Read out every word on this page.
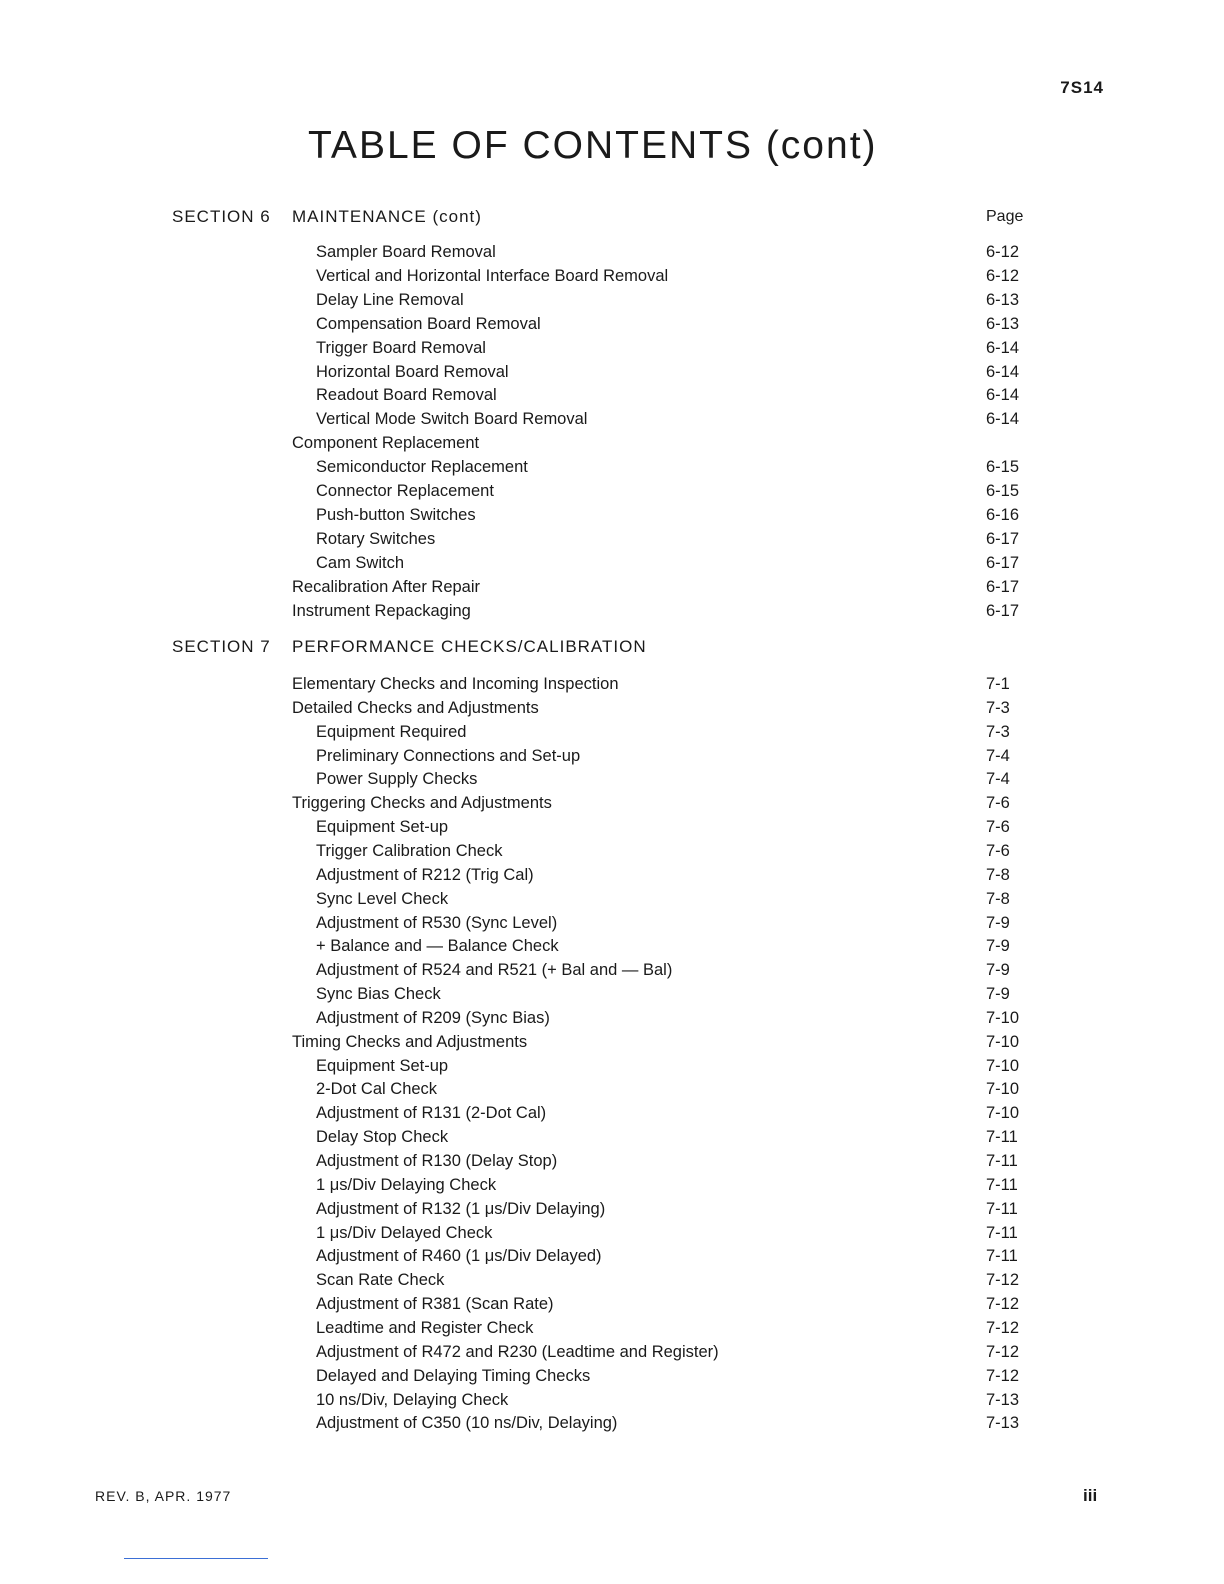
7S14
TABLE OF CONTENTS (cont)
SECTION 6 MAINTENANCE (cont)	Page
Sampler Board Removal	6-12
Vertical and Horizontal Interface Board Removal	6-12
Delay Line Removal	6-13
Compensation Board Removal	6-13
Trigger Board Removal	6-14
Horizontal Board Removal	6-14
Readout Board Removal	6-14
Vertical Mode Switch Board Removal	6-14
Component Replacement
Semiconductor Replacement	6-15
Connector Replacement	6-15
Push-button Switches	6-16
Rotary Switches	6-17
Cam Switch	6-17
Recalibration After Repair	6-17
Instrument Repackaging	6-17
SECTION 7 PERFORMANCE CHECKS/CALIBRATION
Elementary Checks and Incoming Inspection	7-1
Detailed Checks and Adjustments	7-3
Equipment Required	7-3
Preliminary Connections and Set-up	7-4
Power Supply Checks	7-4
Triggering Checks and Adjustments	7-6
Equipment Set-up	7-6
Trigger Calibration Check	7-6
Adjustment of R212 (Trig Cal)	7-8
Sync Level Check	7-8
Adjustment of R530 (Sync Level)	7-9
+ Balance and — Balance Check	7-9
Adjustment of R524 and R521 (+ Bal and — Bal)	7-9
Sync Bias Check	7-9
Adjustment of R209 (Sync Bias)	7-10
Timing Checks and Adjustments	7-10
Equipment Set-up	7-10
2-Dot Cal Check	7-10
Adjustment of R131 (2-Dot Cal)	7-10
Delay Stop Check	7-11
Adjustment of R130 (Delay Stop)	7-11
1 μs/Div Delaying Check	7-11
Adjustment of R132 (1 μs/Div Delaying)	7-11
1 μs/Div Delayed Check	7-11
Adjustment of R460 (1 μs/Div Delayed)	7-11
Scan Rate Check	7-12
Adjustment of R381 (Scan Rate)	7-12
Leadtime and Register Check	7-12
Adjustment of R472 and R230 (Leadtime and Register)	7-12
Delayed and Delaying Timing Checks	7-12
10 ns/Div, Delaying Check	7-13
Adjustment of C350 (10 ns/Div, Delaying)	7-13
REV. B, APR. 1977	iii
